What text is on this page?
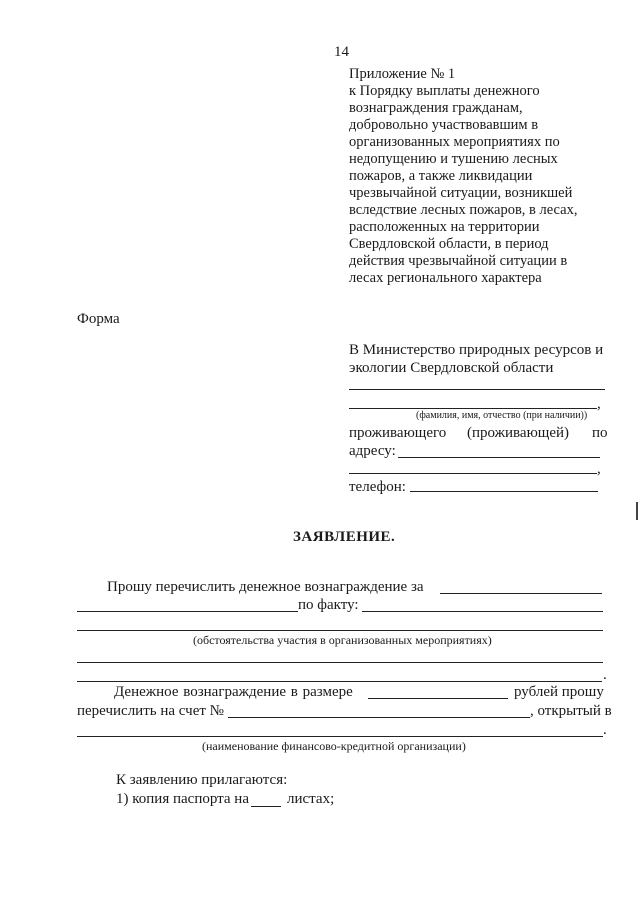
14
Приложение № 1
к Порядку выплаты денежного
вознаграждения гражданам,
добровольно участвовавшим в
организованных мероприятиях по
недопущению и тушению лесных
пожаров, а также ликвидации
чрезвычайной ситуации, возникшей
вследствие лесных пожаров, в лесах,
расположенных на территории
Свердловской области, в период
действия чрезвычайной ситуации в
лесах регионального характера
Форма
В Министерство природных ресурсов и
экологии Свердловской области
,
(фамилия, имя, отчество (при наличии))
проживающего (проживающей) по
адресу:
,
телефон:
ЗАЯВЛЕНИЕ.
Прошу перечислить денежное вознаграждение за
по факту:
(обстоятельства участия в организованных мероприятиях)
.
Денежное вознаграждение в размере	рублей прошу
перечислить на счет №	, открытый в
.
(наименование финансово-кредитной организации)
К заявлению прилагаются:
1) копия паспорта на	листах;
